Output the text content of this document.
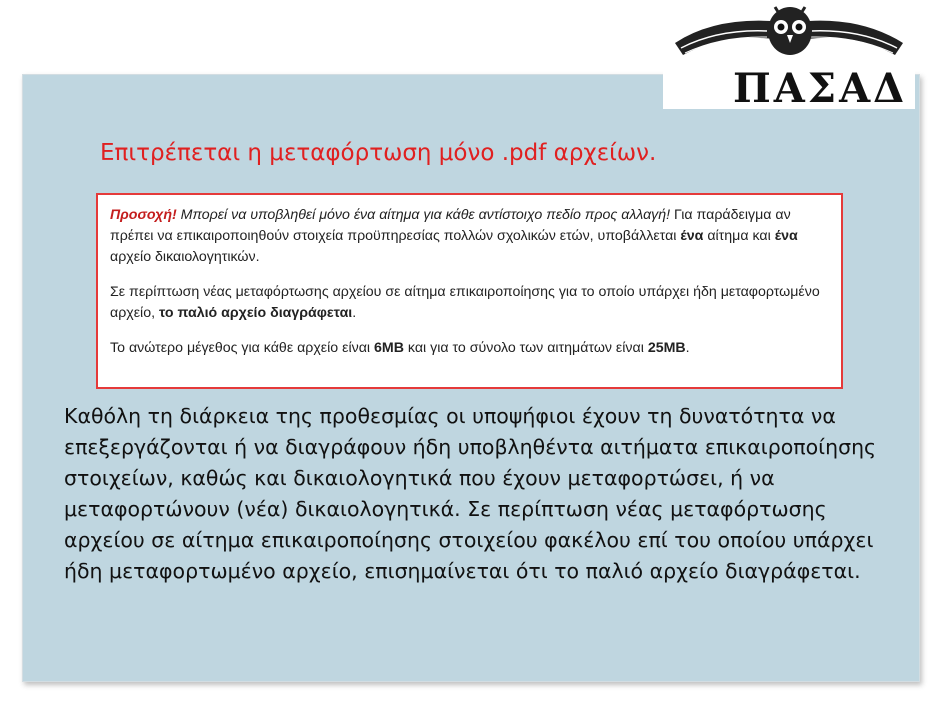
ΠΑΣΑΔ
Επιτρέπεται η μεταφόρτωση μόνο .pdf αρχείων.

Προσοχή! Μπορεί να υποβληθεί μόνο ένα αίτημα για κάθε αντίστοιχο πεδίο προς αλλαγή! Για παράδειγμα αν πρέπει να επικαιροποιηθούν στοιχεία προϋπηρεσίας πολλών σχολικών ετών, υποβάλλεται ένα αίτημα και ένα αρχείο δικαιολογητικών.

Σε περίπτωση νέας μεταφόρτωσης αρχείου σε αίτημα επικαιροποίησης για το οποίο υπάρχει ήδη μεταφορτωμένο αρχείο, το παλιό αρχείο διαγράφεται.

Το ανώτερο μέγεθος για κάθε αρχείο είναι 6MB και για το σύνολο των αιτημάτων είναι 25MB.

Καθόλη τη διάρκεια της προθεσμίας οι υποψήφιοι έχουν τη δυνατότητα να επεξεργάζονται ή να διαγράφουν ήδη υποβληθέντα αιτήματα επικαιροποίησης στοιχείων, καθώς και δικαιολογητικά που έχουν μεταφορτώσει, ή να μεταφορτώνουν (νέα) δικαιολογητικά. Σε περίπτωση νέας μεταφόρτωσης αρχείου σε αίτημα επικαιροποίησης στοιχείου φακέλου επί του οποίου υπάρχει ήδη μεταφορτωμένο αρχείο, επισημαίνεται ότι το παλιό αρχείο διαγράφεται.
